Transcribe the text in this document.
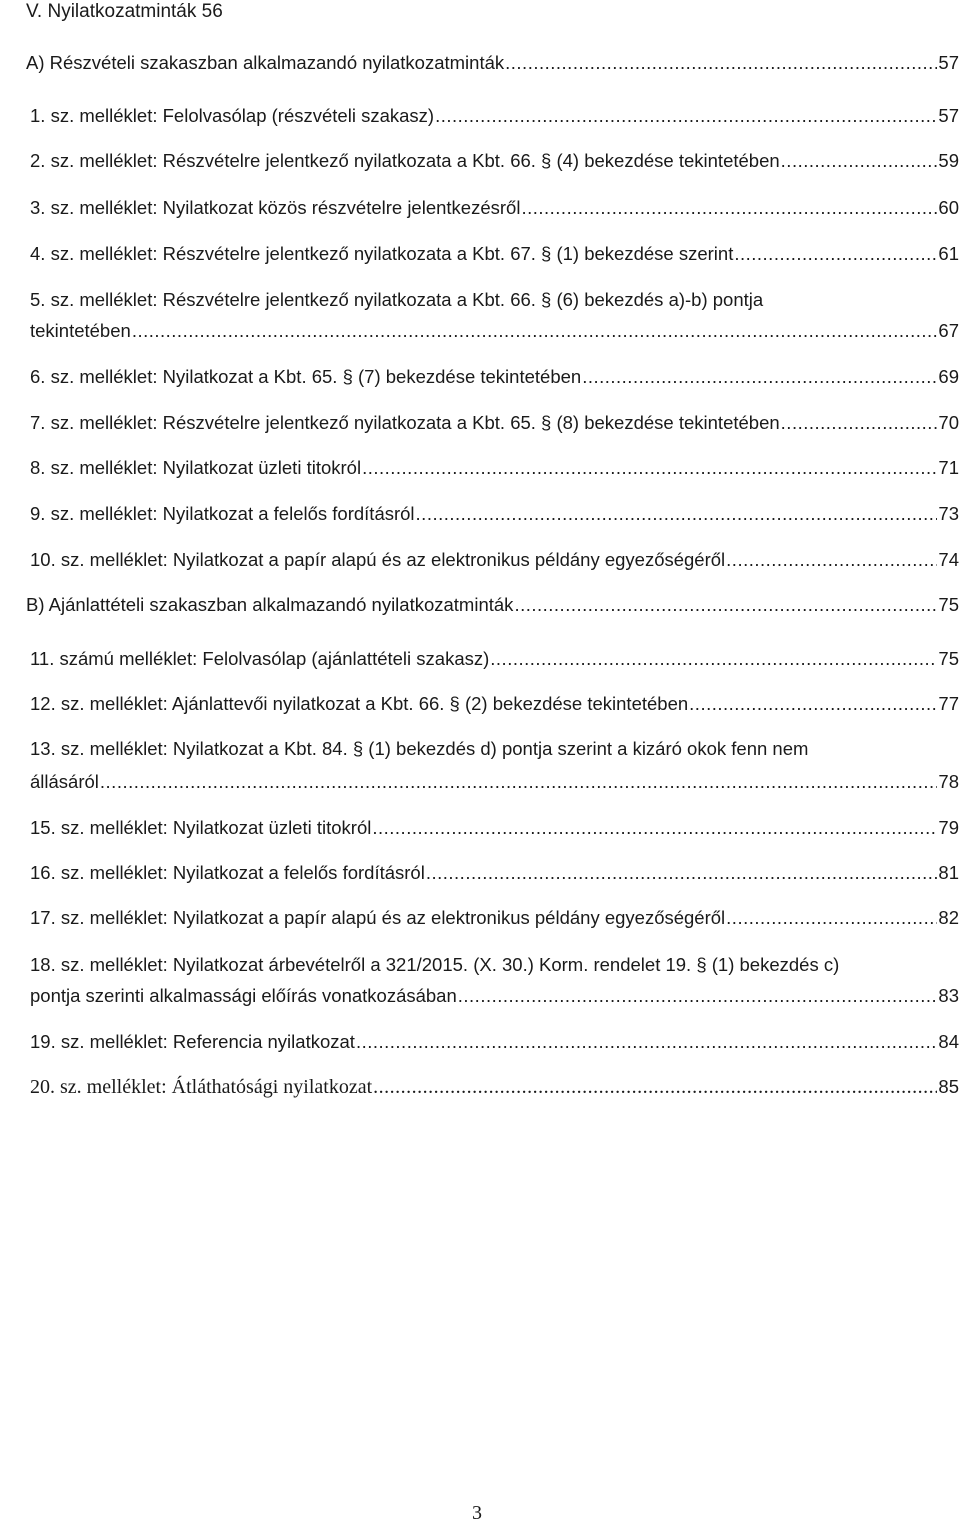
V. Nyilatkozatminták 56
A) Részvételi szakaszban alkalmazandó nyilatkozatminták .....	57
1. sz. melléklet: Felolvasólap (részvételi szakasz) .....	57
2. sz. melléklet: Részvételre jelentkező nyilatkozata a Kbt. 66. § (4) bekezdése tekintetében .....	59
3. sz. melléklet: Nyilatkozat közös részvételre jelentkezésről .....	60
4. sz. melléklet: Részvételre jelentkező nyilatkozata a Kbt. 67. § (1) bekezdése szerint .....	61
5. sz. melléklet: Részvételre jelentkező nyilatkozata a Kbt. 66. § (6) bekezdés a)-b) pontja
tekintetében .....	67
6. sz. melléklet: Nyilatkozat a Kbt. 65. § (7) bekezdése tekintetében .....	69
7. sz. melléklet: Részvételre jelentkező nyilatkozata a Kbt. 65. § (8) bekezdése tekintetében .....	70
8. sz. melléklet: Nyilatkozat üzleti titokról .....	71
9. sz. melléklet: Nyilatkozat a felelős fordításról .....	73
10. sz. melléklet: Nyilatkozat a papír alapú és az elektronikus példány egyezőségéről .....	74
B) Ajánlattételi szakaszban alkalmazandó nyilatkozatminták .....	75
11. számú melléklet: Felolvasólap (ajánlattételi szakasz) .....	75
12. sz. melléklet: Ajánlattevői nyilatkozat a Kbt. 66. § (2) bekezdése tekintetében .....	77
13. sz. melléklet: Nyilatkozat a Kbt. 84. § (1) bekezdés d) pontja szerint a kizáró okok fenn nem
állásáról .....	78
15. sz. melléklet: Nyilatkozat üzleti titokról .....	79
16. sz. melléklet: Nyilatkozat a felelős fordításról .....	81
17. sz. melléklet: Nyilatkozat a papír alapú és az elektronikus példány egyezőségéről .....	82
18. sz. melléklet: Nyilatkozat árbevételről a 321/2015. (X. 30.) Korm. rendelet 19. § (1) bekezdés c)
pontja szerinti alkalmassági előírás vonatkozásában .....	83
19. sz. melléklet: Referencia nyilatkozat .....	84
20. sz. melléklet: Átláthatósági nyilatkozat .....	85
3
